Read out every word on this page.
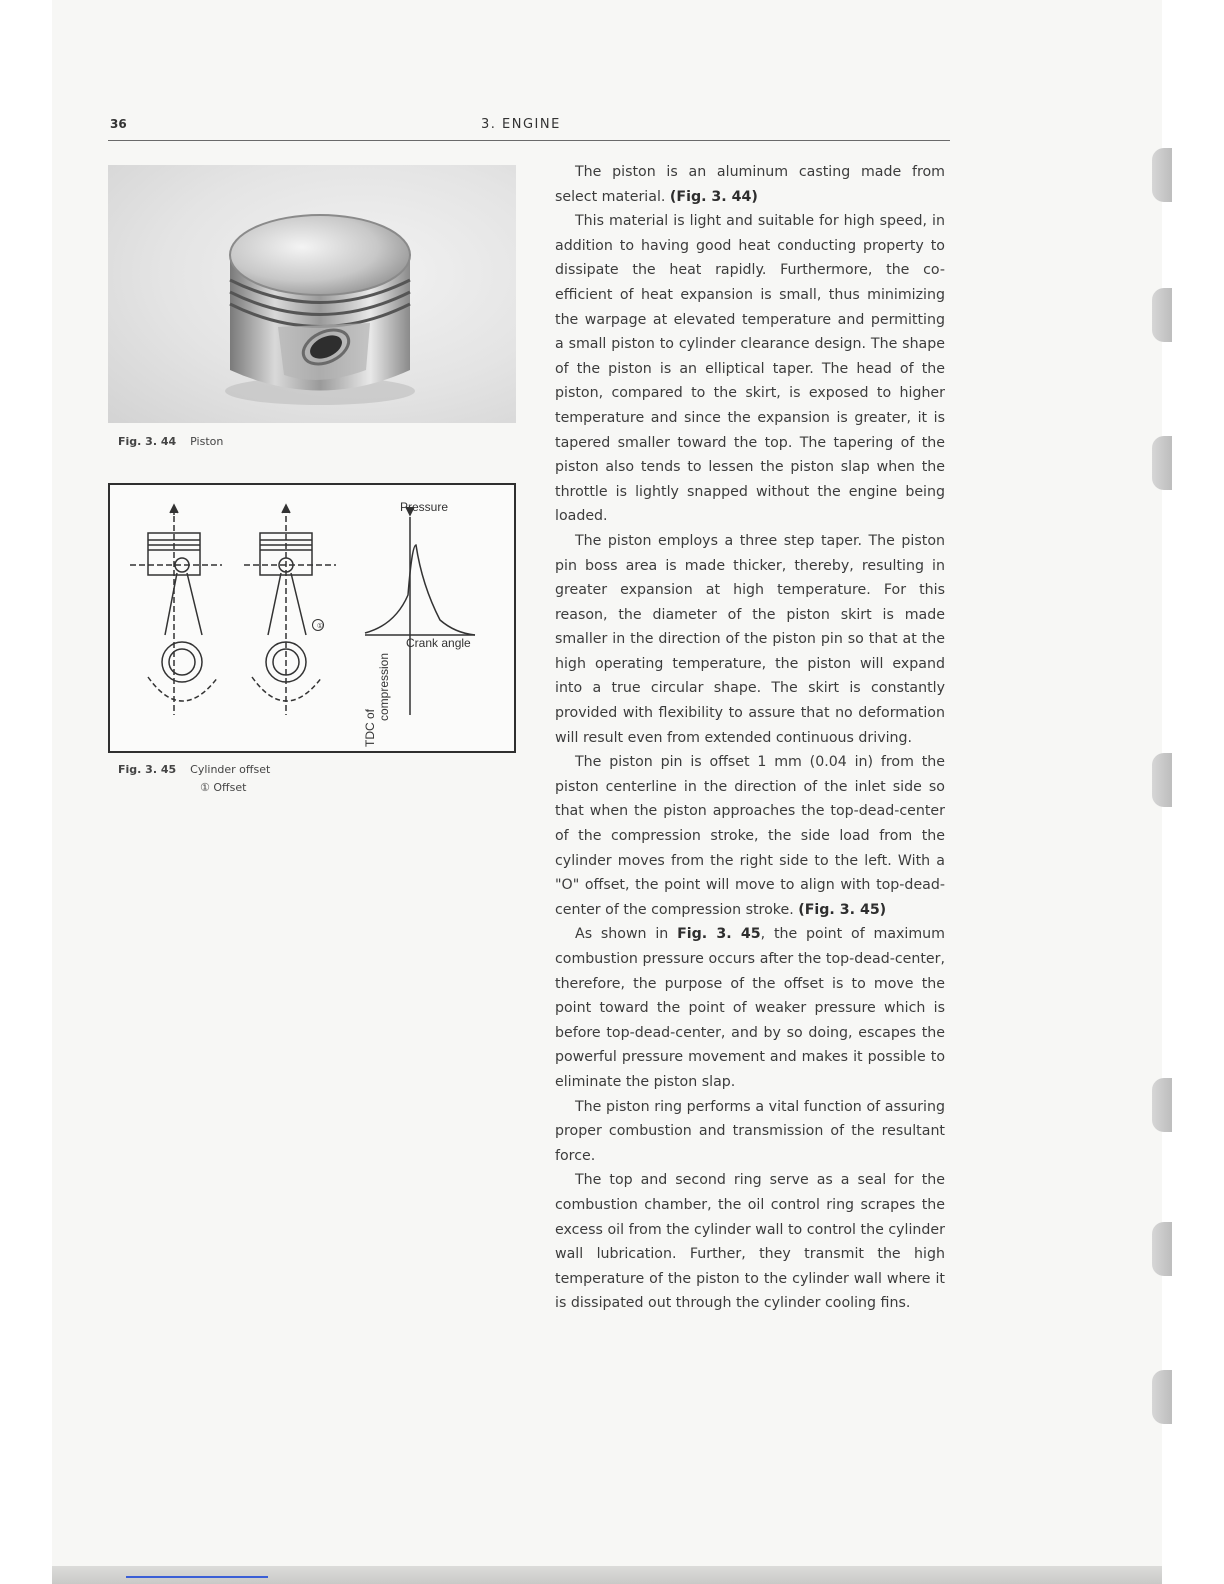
36	3. ENGINE
Fig. 3. 44 Piston
①
Pressure
Crank angle
TDC of
compression
Fig. 3. 45 Cylinder offset
① Offset

The piston is an aluminum casting made from select material. (Fig. 3. 44)

This material is light and suitable for high speed, in addition to having good heat conducting property to dissipate the heat rapidly. Furthermore, the co-efficient of heat expansion is small, thus minimizing the warpage at elevated temperature and permitting a small piston to cylinder clearance design. The shape of the piston is an elliptical taper. The head of the piston, compared to the skirt, is exposed to higher temperature and since the expansion is greater, it is tapered smaller toward the top. The tapering of the piston also tends to lessen the piston slap when the throttle is lightly snapped without the engine being loaded.

The piston employs a three step taper. The piston pin boss area is made thicker, thereby, resulting in greater expansion at high temperature. For this reason, the diameter of the piston skirt is made smaller in the direction of the piston pin so that at the high operating temperature, the piston will expand into a true circular shape. The skirt is constantly provided with flexibility to assure that no deformation will result even from extended continuous driving.

The piston pin is offset 1 mm (0.04 in) from the piston centerline in the direction of the inlet side so that when the piston approaches the top-dead-center of the compression stroke, the side load from the cylinder moves from the right side to the left. With a "O" offset, the point will move to align with top-dead-center of the compression stroke. (Fig. 3. 45)

As shown in Fig. 3. 45, the point of maximum combustion pressure occurs after the top-dead-center, therefore, the purpose of the offset is to move the point toward the point of weaker pressure which is before top-dead-center, and by so doing, escapes the powerful pressure movement and makes it possible to eliminate the piston slap.

The piston ring performs a vital function of assuring proper combustion and transmission of the resultant force.

The top and second ring serve as a seal for the combustion chamber, the oil control ring scrapes the excess oil from the cylinder wall to control the cylinder wall lubrication. Further, they transmit the high temperature of the piston to the cylinder wall where it is dissipated out through the cylinder cooling fins.
